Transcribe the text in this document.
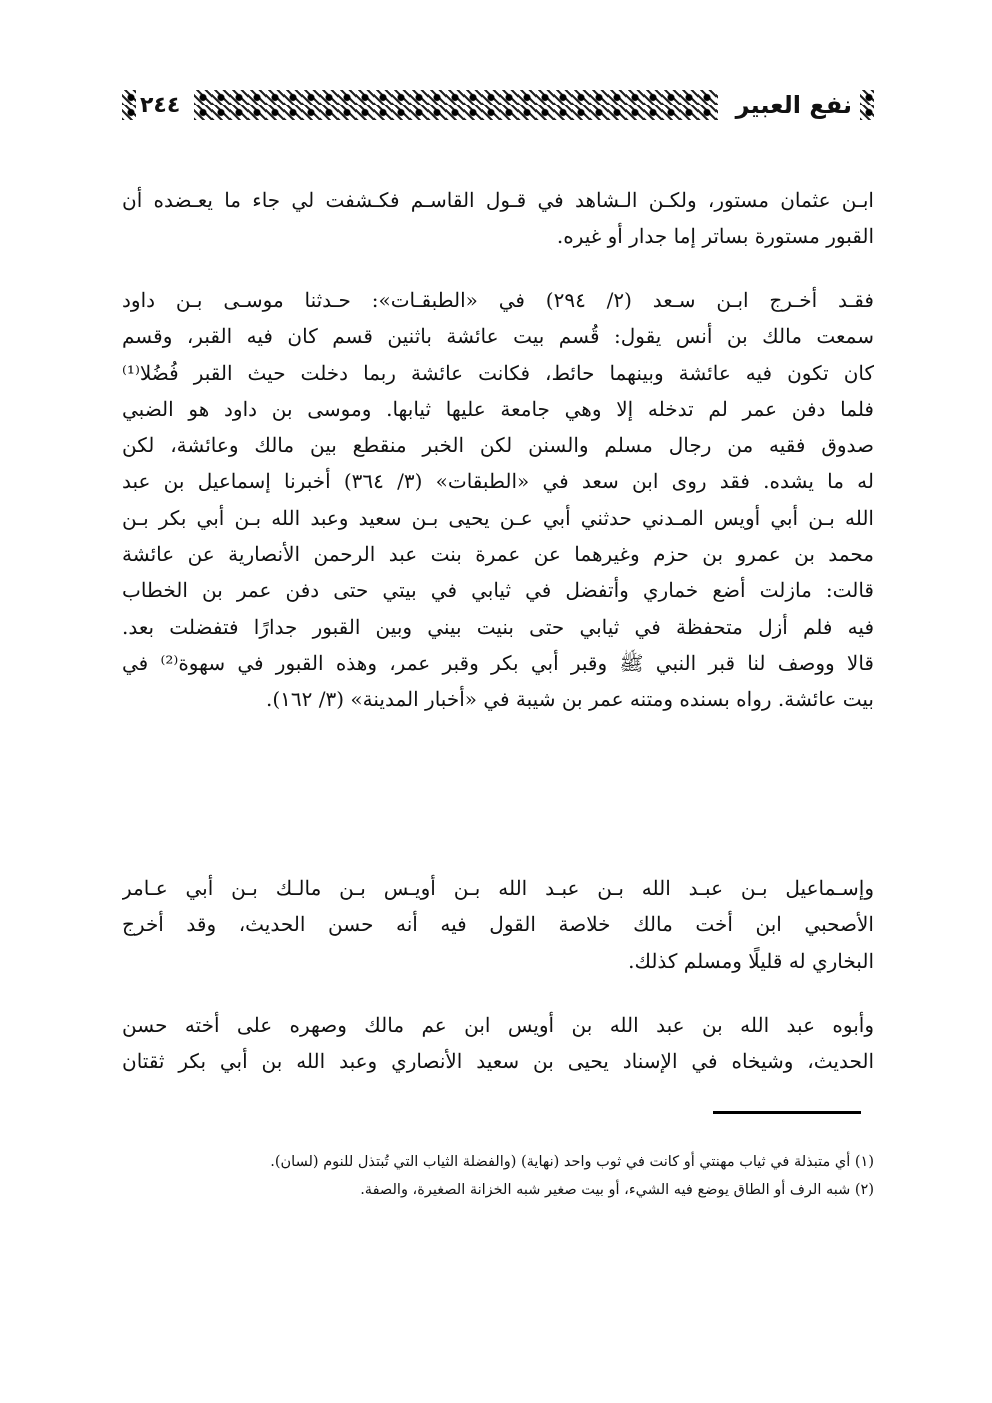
نفع العبير
٢٤٤
ابـن عثمان مستور، ولكـن الـشاهد في قـول القاسـم فكـشفت لي جاء ما يعـضده أن
القبور مستورة بساتر إما جدار أو غيره.
فقـد أخـرج ابـن سـعد (٢/ ٢٩٤) في «الطبقـات»: حـدثنا موسـى بـن داود
سمعت مالك بن أنس يقول: قُسم بيت عائشة باثنين قسم كان فيه القبر، وقسم
كان تكون فيه عائشة وبينهما حائط، فكانت عائشة ربما دخلت حيث القبر فُضُلا⁽¹⁾
فلما دفن عمر لم تدخله إلا وهي جامعة عليها ثيابها. وموسى بن داود هو الضبي
صدوق فقيه من رجال مسلم والسنن لكن الخبر منقطع بين مالك وعائشة، لكن
له ما يشده. فقد روى ابن سعد في «الطبقات» (٣/ ٣٦٤) أخبرنا إسماعيل بن عبد
الله بـن أبي أويس المـدني حدثني أبي عـن يحيى بـن سعيد وعبد الله بـن أبي بكر بـن
محمد بن عمرو بن حزم وغيرهما عن عمرة بنت عبد الرحمن الأنصارية عن عائشة
قالت: مازلت أضع خماري وأتفضل في ثيابي في بيتي حتى دفن عمر بن الخطاب
فيه فلم أزل متحفظة في ثيابي حتى بنيت بيني وبين القبور جدارًا فتفضلت بعد.
قالا ووصف لنا قبر النبي ﷺ وقبر أبي بكر وقبر عمر، وهذه القبور في سهوة⁽²⁾ في
بيت عائشة. رواه بسنده ومتنه عمر بن شيبة في «أخبار المدينة» (٣/ ١٦٢).
وإسـماعيل بـن عبـد الله بـن عبـد الله بـن أويـس بـن مالـك بـن أبي عـامر
الأصحبي ابن أخت مالك خلاصة القول فيه أنه حسن الحديث، وقد أخرج
البخاري له قليلًا ومسلم كذلك.
وأبوه عبد الله بن عبد الله بن أويس ابن عم مالك وصهره على أخته حسن
الحديث، وشيخاه في الإسناد يحيى بن سعيد الأنصاري وعبد الله بن أبي بكر ثقتان
(١) أي متبذلة في ثياب مهنتي أو كانت في ثوب واحد (نهاية) (والفضلة الثياب التي تُبتذل للنوم (لسان).
(٢) شبه الرف أو الطاق يوضع فيه الشيء، أو بيت صغير شبه الخزانة الصغيرة، والصفة.
